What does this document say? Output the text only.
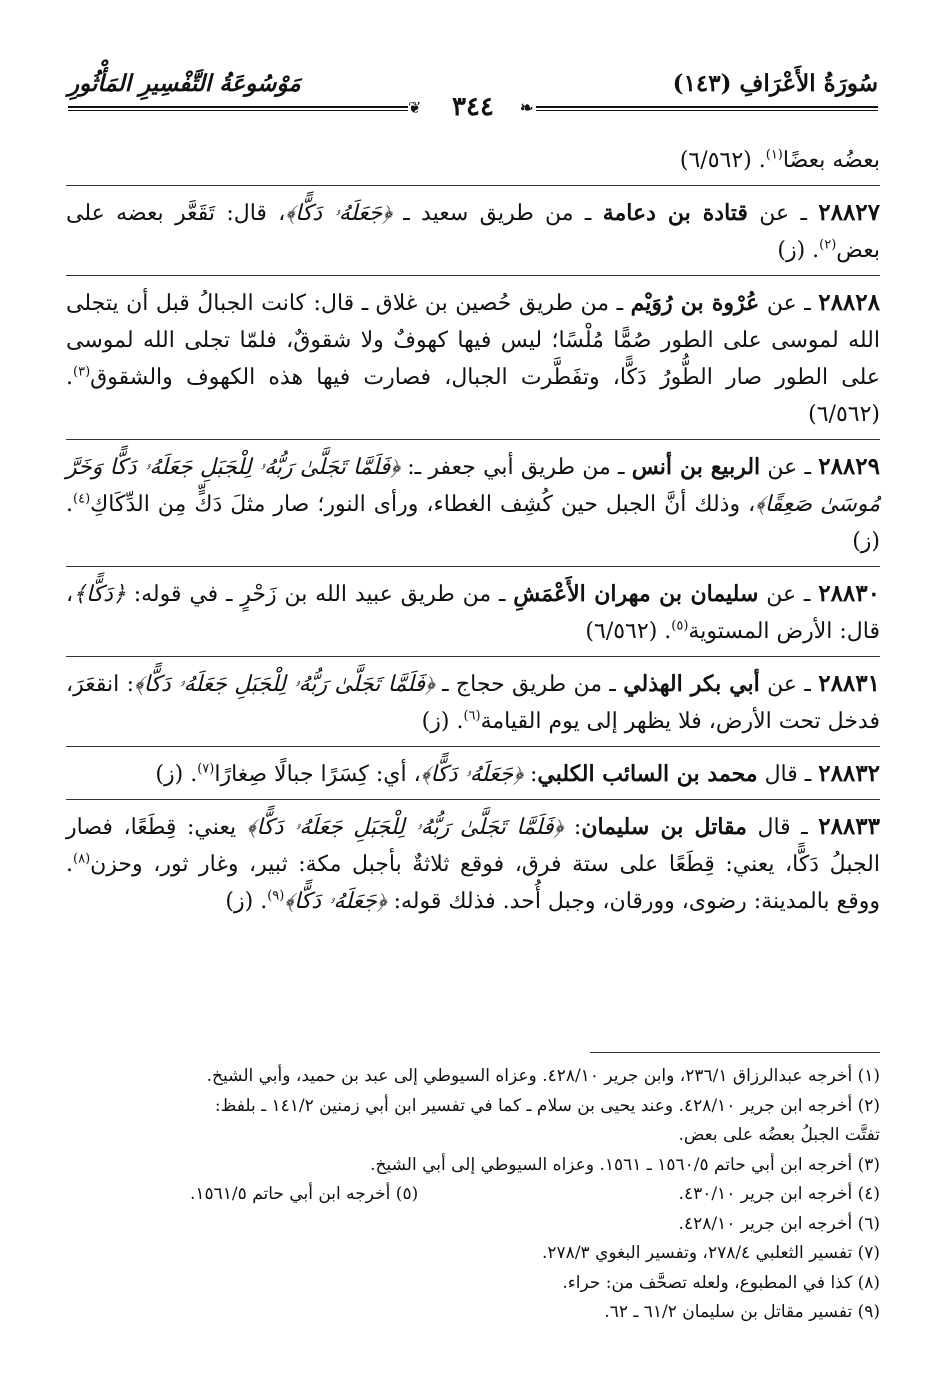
سُورَةُ الأَعْرَافِ (١٤٣)
مَوْسُوعَةُ التَّفْسِيرِ المَأْثُورِ
❦	٣٤٤	❧
بعضُه بعضًا$^{(١)}$. (٦/٥٦٢)
٢٨٨٢٧ ـ عن قتادة بن دعامة ـ من طريق سعيد ـ ﴿جَعَلَهُۥ دَكًّا﴾، قال: تَقَعَّر بعضه على بعض$^{(٢)}$. (ز)
٢٨٨٢٨ ـ عن عُرْوة بن رُوَيْم ـ من طريق حُصين بن غلاق ـ قال: كانت الجبالُ قبل أن يتجلى الله لموسى على الطور صُمًّا مُلْسًا؛ ليس فيها كهوفٌ ولا شقوقٌ، فلمّا تجلى الله لموسى على الطور صار الطُّورُ دَكًّا، وتفَطَّرت الجبال، فصارت فيها هذه الكهوف والشقوق$^{(٣)}$. (٦/٥٦٢)
٢٨٨٢٩ ـ عن الربيع بن أنس ـ من طريق أبي جعفر ـ: ﴿فَلَمَّا تَجَلَّىٰ رَبُّهُۥ لِلْجَبَلِ جَعَلَهُۥ دَكًّا وَخَرَّ مُوسَىٰ صَعِقًا﴾، وذلك أنَّ الجبل حين كُشِف الغطاء، ورأى النور؛ صار مثلَ دَكٍّ مِن الدِّكَاكِ$^{(٤)}$. (ز)
٢٨٨٣٠ ـ عن سليمان بن مهران الأَعْمَشِ ـ من طريق عبيد الله بن زَحْرٍ ـ في قوله: ﴿دَكًّا﴾، قال: الأرض المستوية$^{(٥)}$. (٦/٥٦٢)
٢٨٨٣١ ـ عن أبي بكر الهذلي ـ من طريق حجاج ـ ﴿فَلَمَّا تَجَلَّىٰ رَبُّهُۥ لِلْجَبَلِ جَعَلَهُۥ دَكًّا﴾: انقعَرَ، فدخل تحت الأرض، فلا يظهر إلى يوم القيامة$^{(٦)}$. (ز)
٢٨٨٣٢ ـ قال محمد بن السائب الكلبي: ﴿جَعَلَهُۥ دَكًّا﴾، أي: كِسَرًا جبالًا صِغارًا$^{(٧)}$. (ز)
٢٨٨٣٣ ـ قال مقاتل بن سليمان: ﴿فَلَمَّا تَجَلَّىٰ رَبُّهُۥ لِلْجَبَلِ جَعَلَهُۥ دَكًّا﴾ يعني: قِطَعًا، فصار الجبلُ دَكًّا، يعني: قِطَعًا على ستة فرق، فوقع ثلاثةٌ بأجبل مكة: ثبير، وغار ثور، وحزن$^{(٨)}$. ووقع بالمدينة: رضوى، وورقان، وجبل أُحد. فذلك قوله: ﴿جَعَلَهُۥ دَكًّا﴾$^{(٩)}$. (ز)
(١) أخرجه عبدالرزاق ٢٣٦/١، وابن جرير ٤٢٨/١٠. وعزاه السيوطي إلى عبد بن حميد، وأبي الشيخ.
(٢) أخرجه ابن جرير ٤٢٨/١٠. وعند يحيى بن سلام ـ كما في تفسير ابن أبي زمنين ١٤١/٢ ـ بلفظ:
تفتَّت الجبلُ بعضُه على بعض.
(٣) أخرجه ابن أبي حاتم ١٥٦٠/٥ ـ ١٥٦١. وعزاه السيوطي إلى أبي الشيخ.
(٤) أخرجه ابن جرير ٤٣٠/١٠.
(٥) أخرجه ابن أبي حاتم ١٥٦١/٥.
(٦) أخرجه ابن جرير ٤٢٨/١٠.
(٧) تفسير الثعلبي ٢٧٨/٤، وتفسير البغوي ٢٧٨/٣.
(٨) كذا في المطبوع، ولعله تصحَّف من: حراء.
(٩) تفسير مقاتل بن سليمان ٦١/٢ ـ ٦٢.
